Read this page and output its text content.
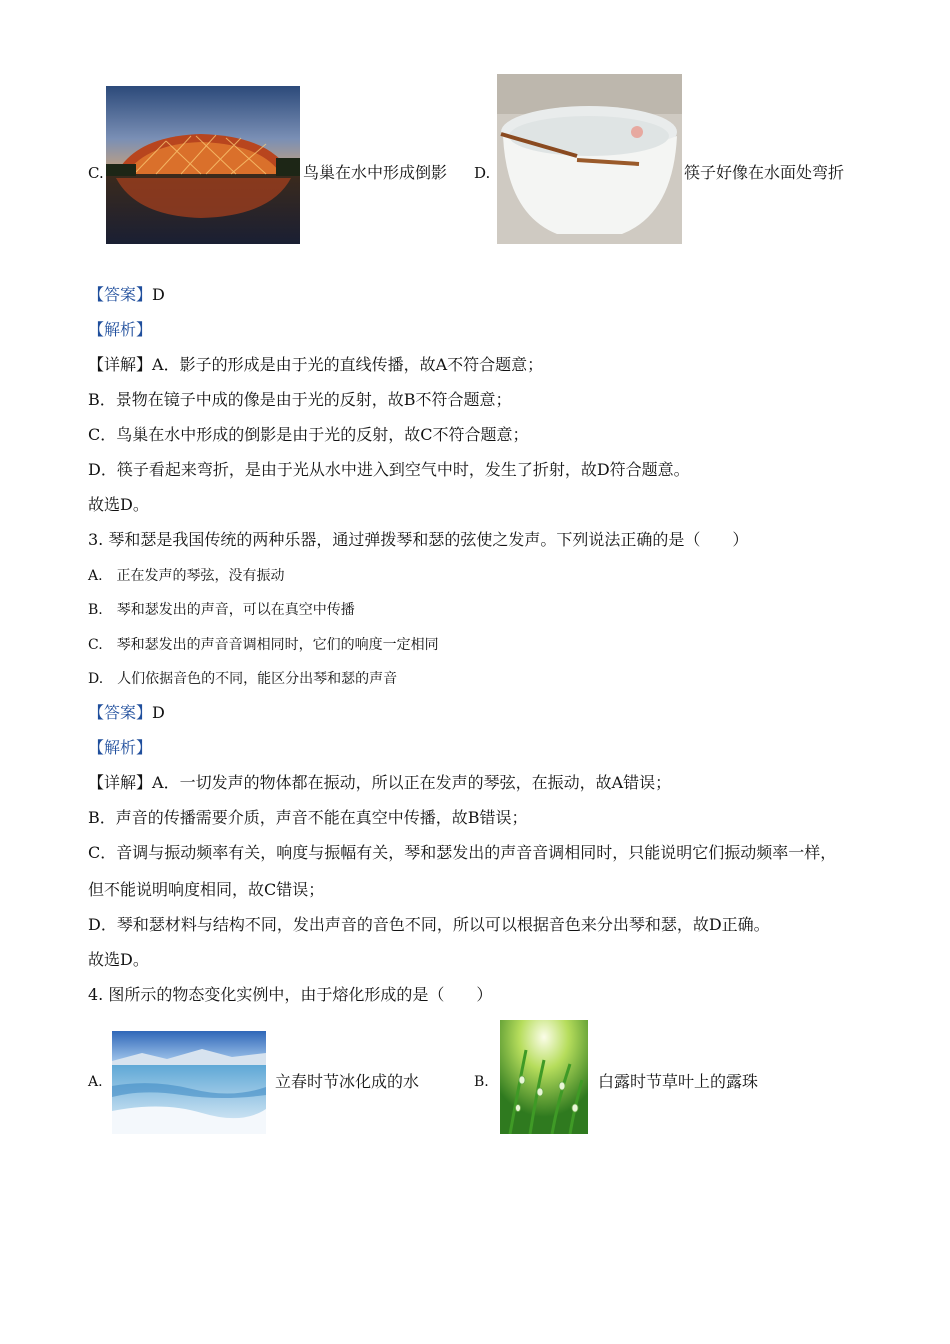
C.	鸟巢在水中形成倒影 D.	筷子好像在水面处弯折
【答案】D
【解析】
【详解】A．影子的形成是由于光的直线传播，故A不符合题意；
B．景物在镜子中成的像是由于光的反射，故B不符合题意；
C．鸟巢在水中形成的倒影是由于光的反射，故C不符合题意；
D．筷子看起来弯折，是由于光从水中进入到空气中时，发生了折射，故D符合题意。
故选D。
3. 琴和瑟是我国传统的两种乐器，通过弹拨琴和瑟的弦使之发声。下列说法正确的是（　　）
A.　正在发声的琴弦，没有振动
B.　琴和瑟发出的声音，可以在真空中传播
C.　琴和瑟发出的声音音调相同时，它们的响度一定相同
D.　人们依据音色的不同，能区分出琴和瑟的声音
【答案】D
【解析】
【详解】A．一切发声的物体都在振动，所以正在发声的琴弦，在振动，故A错误；
B．声音的传播需要介质，声音不能在真空中传播，故B错误；
C．音调与振动频率有关，响度与振幅有关，琴和瑟发出的声音音调相同时，只能说明它们振动频率一样，
但不能说明响度相同，故C错误；
D．琴和瑟材料与结构不同，发出声音的音色不同，所以可以根据音色来分出琴和瑟，故D正确。
故选D。
4. 图所示的物态变化实例中，由于熔化形成的是（　　）
A.	立春时节冰化成的水	B.	白露时节草叶上的露珠
